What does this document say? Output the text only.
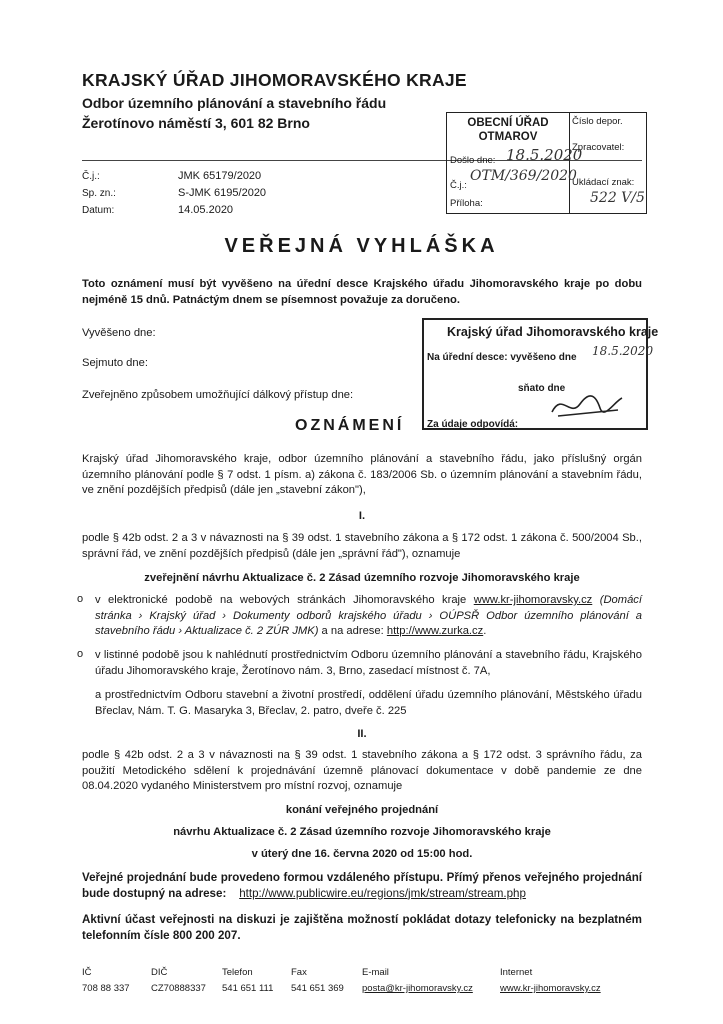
KRAJSKÝ ÚŘAD JIHOMORAVSKÉHO KRAJE
Odbor územního plánování a stavebního řádu
Žerotínovo náměstí 3, 601 82 Brno
Č.j.:	JMK 65179/2020
Sp. zn.:	S-JMK 6195/2020
Datum:	14.05.2020
OBECNÍ ÚŘAD
OTMAROV
Došlo dne: 18.5.2020
Č.j.:
OTM/369/2020
Příloha:
Číslo depor.
Zpracovatel:
Ukládací znak:
522 V/5
VEŘEJNÁ VYHLÁŠKA
Toto oznámení musí být vyvěšeno na úřední desce Krajského úřadu Jihomoravského kraje po dobu nejméně 15 dnů. Patnáctým dnem se písemnost považuje za doručeno.
Vyvěšeno dne:
Sejmuto dne:
Zveřejněno způsobem umožňující dálkový přístup dne:
Krajský úřad Jihomoravského kraje
Na úřední desce: vyvěšeno dne 18.5.2020
sňato dne
Za údaje odpovídá:
OZNÁMENÍ
Krajský úřad Jihomoravského kraje, odbor územního plánování a stavebního řádu, jako příslušný orgán územního plánování podle § 7 odst. 1 písm. a) zákona č. 183/2006 Sb. o územním plánování a stavebním řádu, ve znění pozdějších předpisů (dále jen „stavební zákon"),
I.
podle § 42b odst. 2 a 3 v návaznosti na § 39 odst. 1 stavebního zákona a § 172 odst. 1 zákona č. 500/2004 Sb., správní řád, ve znění pozdějších předpisů (dále jen „správní řád"), oznamuje
zveřejnění návrhu Aktualizace č. 2 Zásad územního rozvoje Jihomoravského kraje
o v elektronické podobě na webových stránkách Jihomoravského kraje www.kr-jihomoravsky.cz (Domácí stránka › Krajský úřad › Dokumenty odborů krajského úřadu › OÚPSŘ Odbor územního plánování a stavebního řádu › Aktualizace č. 2 ZÚR JMK) a na adrese: http://www.zurka.cz.
o v listinné podobě jsou k nahlédnutí prostřednictvím Odboru územního plánování a stavebního řádu, Krajského úřadu Jihomoravského kraje, Žerotínovo nám. 3, Brno, zasedací místnost č. 7A,
a prostřednictvím Odboru stavební a životní prostředí, oddělení úřadu územního plánování, Městského úřadu Břeclav, Nám. T. G. Masaryka 3, Břeclav, 2. patro, dveře č. 225
II.
podle § 42b odst. 2 a 3 v návaznosti na § 39 odst. 1 stavebního zákona a § 172 odst. 3 správního řádu, za použití Metodického sdělení k projednávání územně plánovací dokumentace v době pandemie ze dne 08.04.2020 vydaného Ministerstvem pro místní rozvoj, oznamuje
konání veřejného projednání
návrhu Aktualizace č. 2 Zásad územního rozvoje Jihomoravského kraje
v úterý dne 16. června 2020 od 15:00 hod.
Veřejné projednání bude provedeno formou vzdáleného přístupu. Přímý přenos veřejného projednání bude dostupný na adrese: http://www.publicwire.eu/regions/jmk/stream/stream.php
Aktivní účast veřejnosti na diskuzi je zajištěna možností pokládat dotazy telefonicky na bezplatném telefonním čísle 800 200 207.
IČ
708 88 337
DIČ
CZ70888337
Telefon
541 651 111
Fax
541 651 369
E-mail
posta@kr-jihomoravsky.cz
Internet
www.kr-jihomoravsky.cz
